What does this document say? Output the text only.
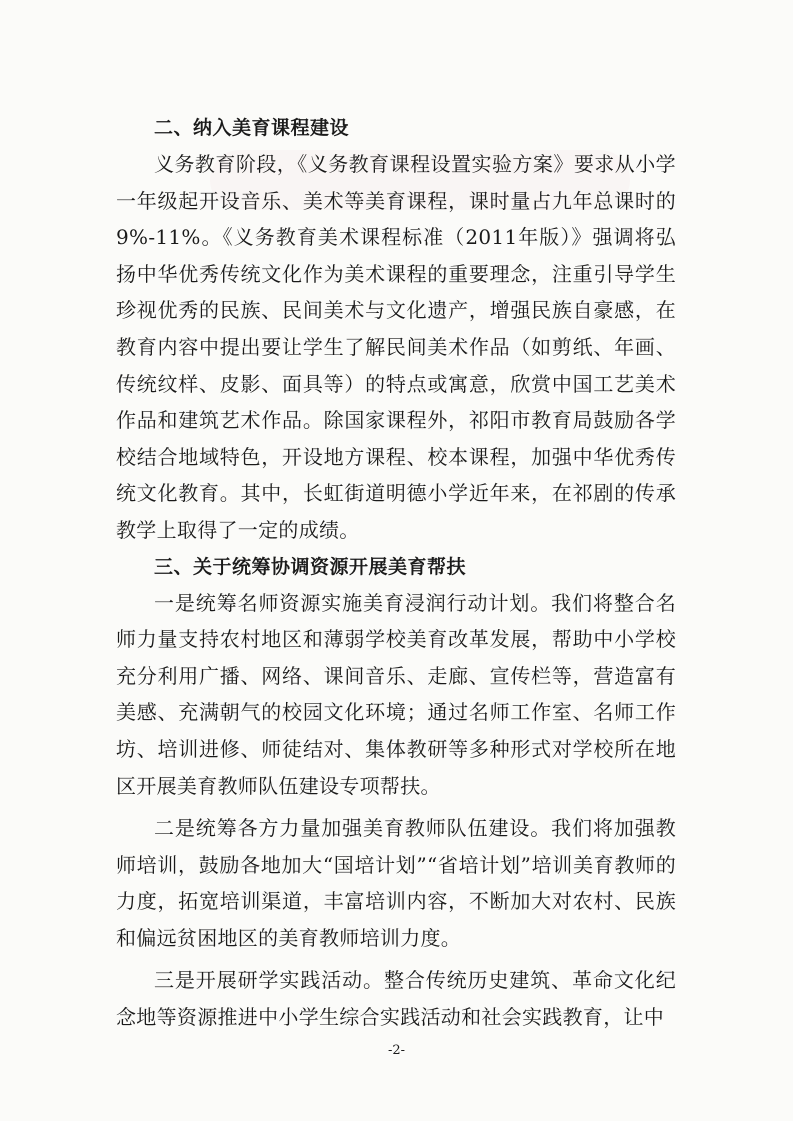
二、纳入美育课程建设

义务教育阶段，《义务教育课程设置实验方案》要求从小学一年级起开设音乐、美术等美育课程，课时量占九年总课时的9%-11%。《义务教育美术课程标准（2011年版）》强调将弘扬中华优秀传统文化作为美术课程的重要理念，注重引导学生珍视优秀的民族、民间美术与文化遗产，增强民族自豪感，在教育内容中提出要让学生了解民间美术作品（如剪纸、年画、传统纹样、皮影、面具等）的特点或寓意，欣赏中国工艺美术作品和建筑艺术作品。除国家课程外，祁阳市教育局鼓励各学校结合地域特色，开设地方课程、校本课程，加强中华优秀传统文化教育。其中，长虹街道明德小学近年来，在祁剧的传承教学上取得了一定的成绩。

三、关于统筹协调资源开展美育帮扶

一是统筹名师资源实施美育浸润行动计划。我们将整合名师力量支持农村地区和薄弱学校美育改革发展，帮助中小学校充分利用广播、网络、课间音乐、走廊、宣传栏等，营造富有美感、充满朝气的校园文化环境；通过名师工作室、名师工作坊、培训进修、师徒结对、集体教研等多种形式对学校所在地区开展美育教师队伍建设专项帮扶。

二是统筹各方力量加强美育教师队伍建设。我们将加强教师培训，鼓励各地加大“国培计划”“省培计划”培训美育教师的力度，拓宽培训渠道，丰富培训内容，不断加大对农村、民族和偏远贫困地区的美育教师培训力度。

三是开展研学实践活动。整合传统历史建筑、革命文化纪念地等资源推进中小学生综合实践活动和社会实践教育，让中

-2-
